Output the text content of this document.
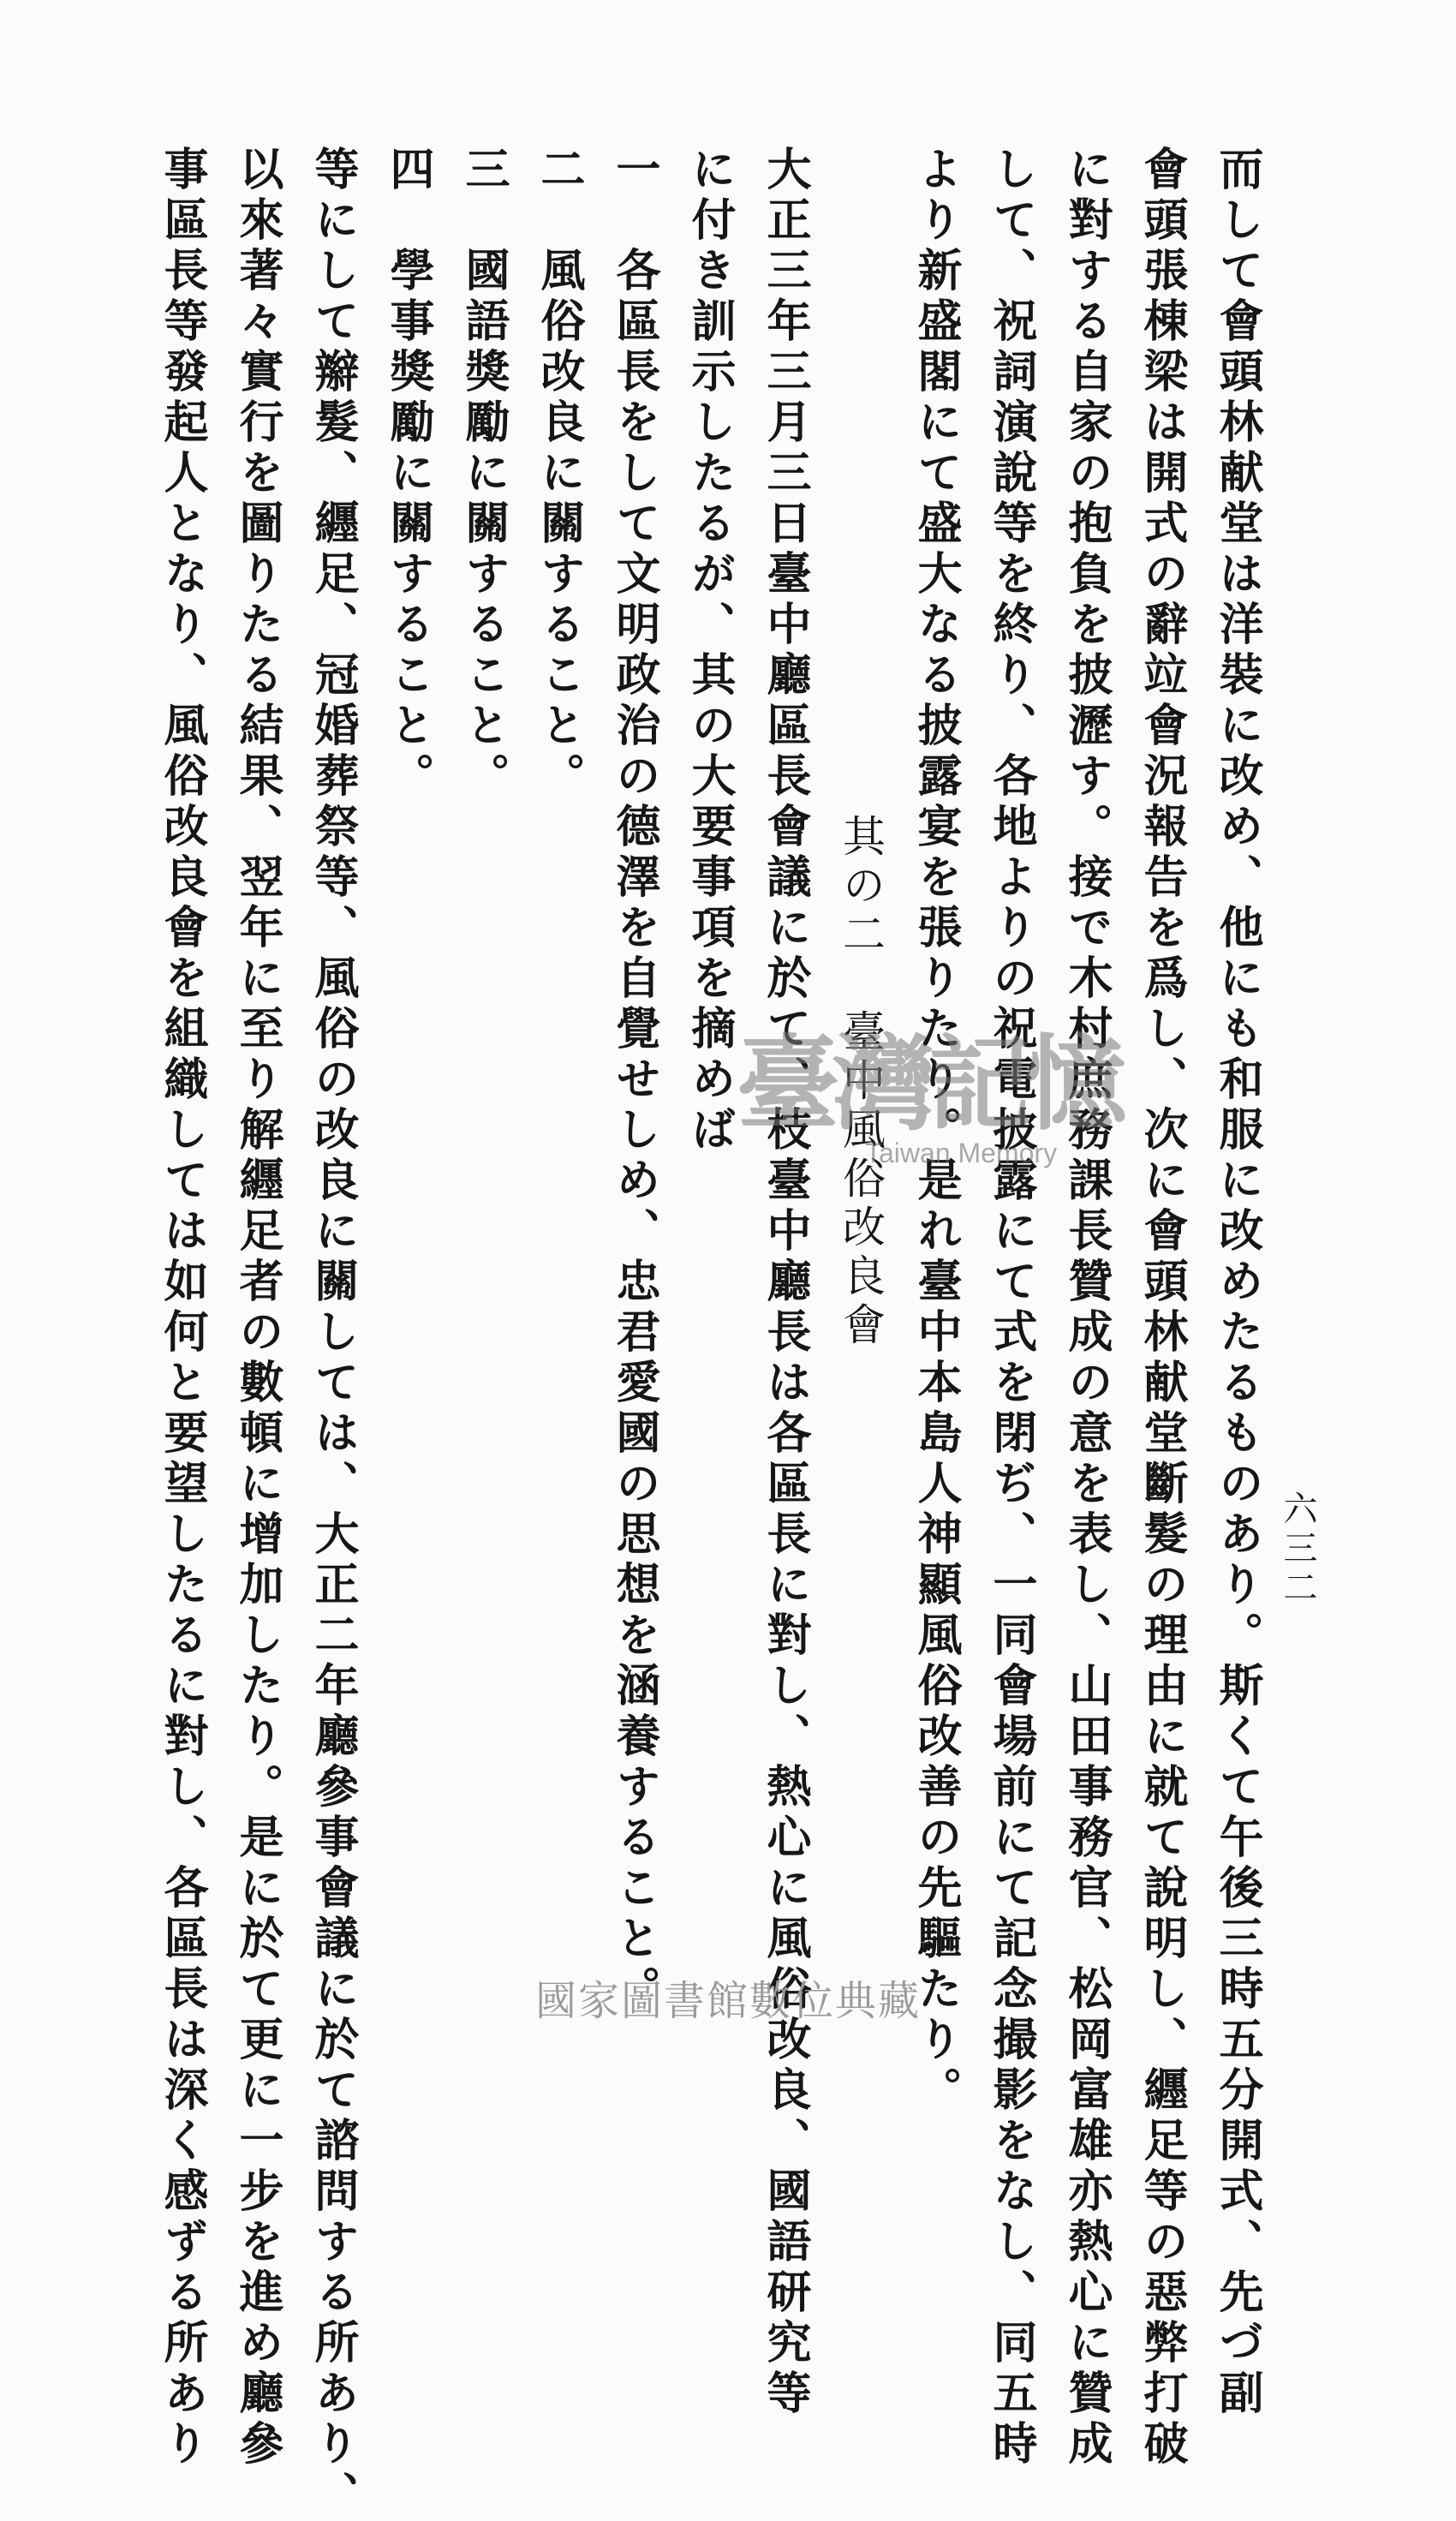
六三二
而して會頭林献堂は洋裝に改め、他にも和服に改めたるものあり。斯くて午後三時五分開式、先づ副
會頭張棟梁は開式の辭竝會況報告を爲し、次に會頭林献堂斷髮の理由に就て說明し、纒足等の惡弊打破
に對する自家の抱負を披瀝す。接で木村庶務課長贊成の意を表し、山田事務官、松岡富雄亦熱心に贊成
して、祝詞演說等を終り、各地よりの祝電披露にて式を閉ぢ、一同會場前にて記念撮影をなし、同五時
より新盛閣にて盛大なる披露宴を張りたり。是れ臺中本島人神顯風俗改善の先驅たり。
其の二　臺中風俗改良會
大正三年三月三日臺中廳區長會議に於て、枝臺中廳長は各區長に對し、熱心に風俗改良、國語研究等
に付き訓示したるが、其の大要事項を摘めば
一　各區長をして文明政治の德澤を自覺せしめ、忠君愛國の思想を涵養すること。
二　風俗改良に關すること。
三　國語獎勵に關すること。
四　學事獎勵に關すること。
等にして辮髮、纒足、冠婚葬祭等、風俗の改良に關しては、大正二年廳參事會議に於て諮問する所あり、
以來著々實行を圖りたる結果、翌年に至り解纒足者の數頓に增加したり。是に於て更に一步を進め廳參
事區長等發起人となり、風俗改良會を組織しては如何と要望したるに對し、各區長は深く感ずる所あり	臺灣記憶
Taiwan Memory
國家圖書館數位典藏
